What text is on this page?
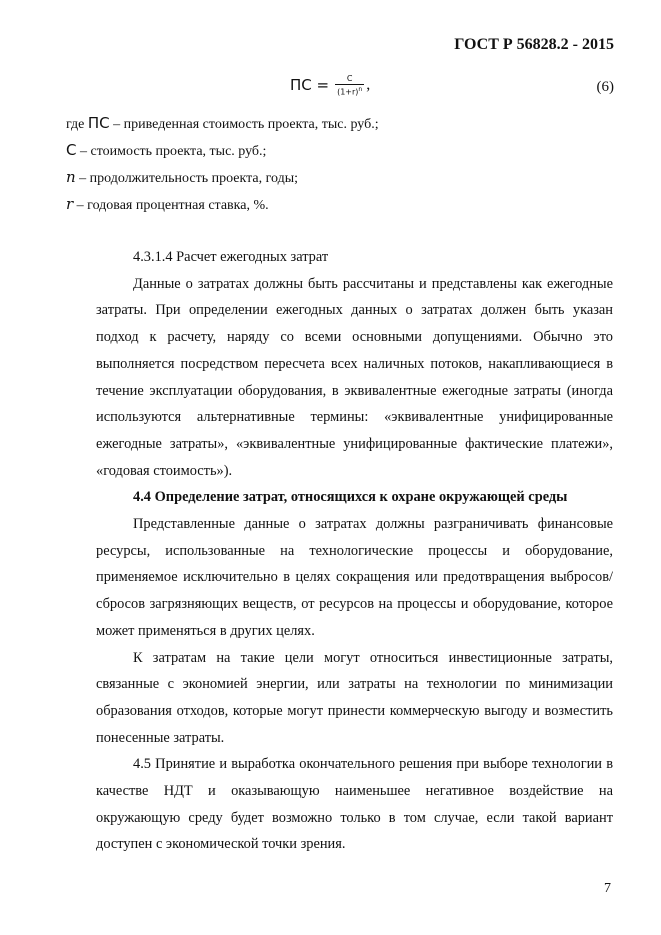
ГОСТ Р 56828.2 - 2015
ПС = $\frac{С}{(1+r)^n}$ ,	(6)
где ПС – приведенная стоимость проекта, тыс. руб.;
С – стоимость проекта, тыс. руб.;
n – продолжительность проекта, годы;
r – годовая процентная ставка, %.

4.3.1.4 Расчет ежегодных затрат

Данные о затратах должны быть рассчитаны и представлены как ежегодные затраты. При определении ежегодных данных о затратах должен быть указан подход к расчету, наряду со всеми основными допущениями. Обычно это выполняется посредством пересчета всех наличных потоков, накапливающиеся в течение эксплуатации оборудования, в эквивалентные ежегодные затраты (иногда используются альтернативные термины: «эквивалентные унифицированные ежегодные затраты», «эквивалентные унифицированные фактические платежи», «годовая стоимость»).

4.4 Определение затрат, относящихся к охране окружающей среды

Представленные данные о затратах должны разграничивать финансовые ресурсы, использованные на технологические процессы и оборудование, применяемое исключительно в целях сокращения или предотвращения выбросов/сбросов загрязняющих веществ, от ресурсов на процессы и оборудование, которое может применяться в других целях.

К затратам на такие цели могут относиться инвестиционные затраты, связанные с экономией энергии, или затраты на технологии по минимизации образования отходов, которые могут принести коммерческую выгоду и возместить понесенные затраты.

4.5 Принятие и выработка окончательного решения при выборе технологии в качестве НДТ и оказывающую наименьшее негативное воздействие на окружающую среду будет возможно только в том случае, если такой вариант доступен с экономической точки зрения.

7
